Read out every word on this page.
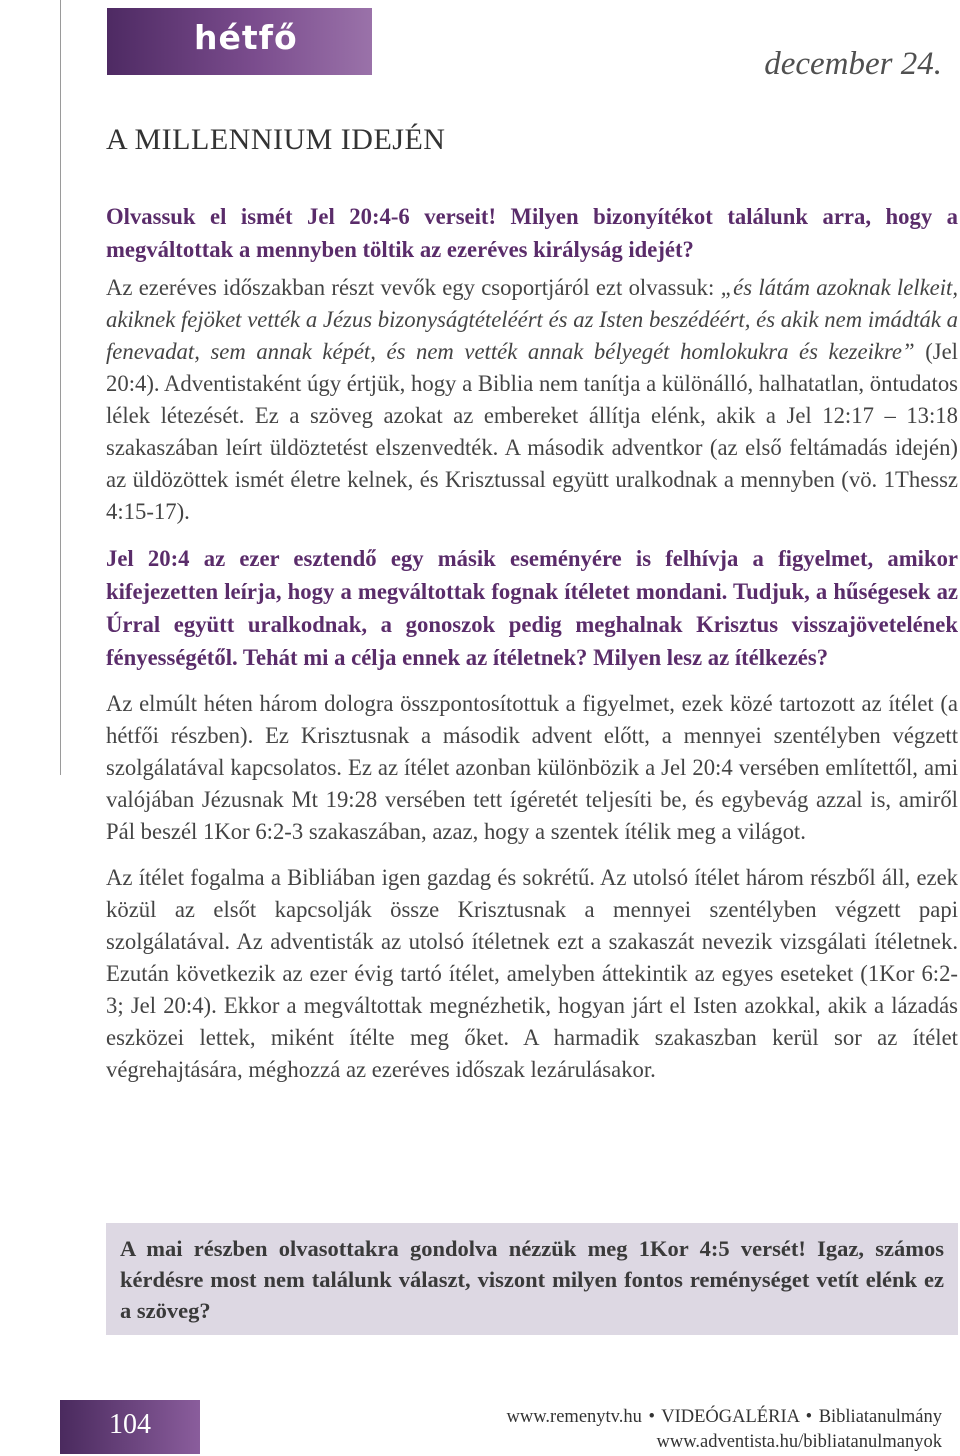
hétfő
december 24.
A MILLENNIUM IDEJÉN

Olvassuk el ismét Jel 20:4-6 verseit! Milyen bizonyítékot találunk arra, hogy a megváltottak a mennyben töltik az ezeréves királyság idejét?

Az ezeréves időszakban részt vevők egy csoportjáról ezt olvassuk: „és látám azoknak lelkeit, akiknek fejöket vették a Jézus bizonyságtételéért és az Isten beszédéért, és akik nem imádták a fenevadat, sem annak képét, és nem vették annak bélyegét homlokukra és kezeikre” (Jel 20:4). Adventistaként úgy értjük, hogy a Biblia nem tanítja a különálló, halhatatlan, öntudatos lélek létezését. Ez a szöveg azokat az embereket állítja elénk, akik a Jel 12:17 – 13:18 szakaszában leírt üldöztetést elszenvedték. A második adventkor (az első feltámadás idején) az üldözöttek ismét életre kelnek, és Krisztussal együtt uralkodnak a mennyben (vö. 1Thessz 4:15-17).

Jel 20:4 az ezer esztendő egy másik eseményére is felhívja a figyelmet, amikor kifejezetten leírja, hogy a megváltottak fognak ítéletet mondani. Tudjuk, a hűségesek az Úrral együtt uralkodnak, a gonoszok pedig meghalnak Krisztus visszajövetelének fényességétől. Tehát mi a célja ennek az ítéletnek? Milyen lesz az ítélkezés?

Az elmúlt héten három dologra összpontosítottuk a figyelmet, ezek közé tartozott az ítélet (a hétfői részben). Ez Krisztusnak a második advent előtt, a mennyei szentélyben végzett szolgálatával kapcsolatos. Ez az ítélet azonban különbözik a Jel 20:4 versében említettől, ami valójában Jézusnak Mt 19:28 versében tett ígéretét teljesíti be, és egybevág azzal is, amiről Pál beszél 1Kor 6:2-3 szakaszában, azaz, hogy a szentek ítélik meg a világot.

Az ítélet fogalma a Bibliában igen gazdag és sokrétű. Az utolsó ítélet három részből áll, ezek közül az elsőt kapcsolják össze Krisztusnak a mennyei szentélyben végzett papi szolgálatával. Az adventisták az utolsó ítéletnek ezt a szakaszát nevezik vizsgálati ítéletnek. Ezután következik az ezer évig tartó ítélet, amelyben áttekintik az egyes eseteket (1Kor 6:2-3; Jel 20:4). Ekkor a megváltottak megnézhetik, hogyan járt el Isten azokkal, akik a lázadás eszközei lettek, miként ítélte meg őket. A harmadik szakaszban kerül sor az ítélet végrehajtására, méghozzá az ezeréves időszak lezárulásakor.

A mai részben olvasottakra gondolva nézzük meg 1Kor 4:5 versét! Igaz, számos kérdésre most nem találunk választ, viszont milyen fontos reménységet vetít elénk ez a szöveg?

104	www.remenytv.hu • VIDEÓGALÉRIA • Bibliatanulmány
www.adventista.hu/bibliatanulmanyok
